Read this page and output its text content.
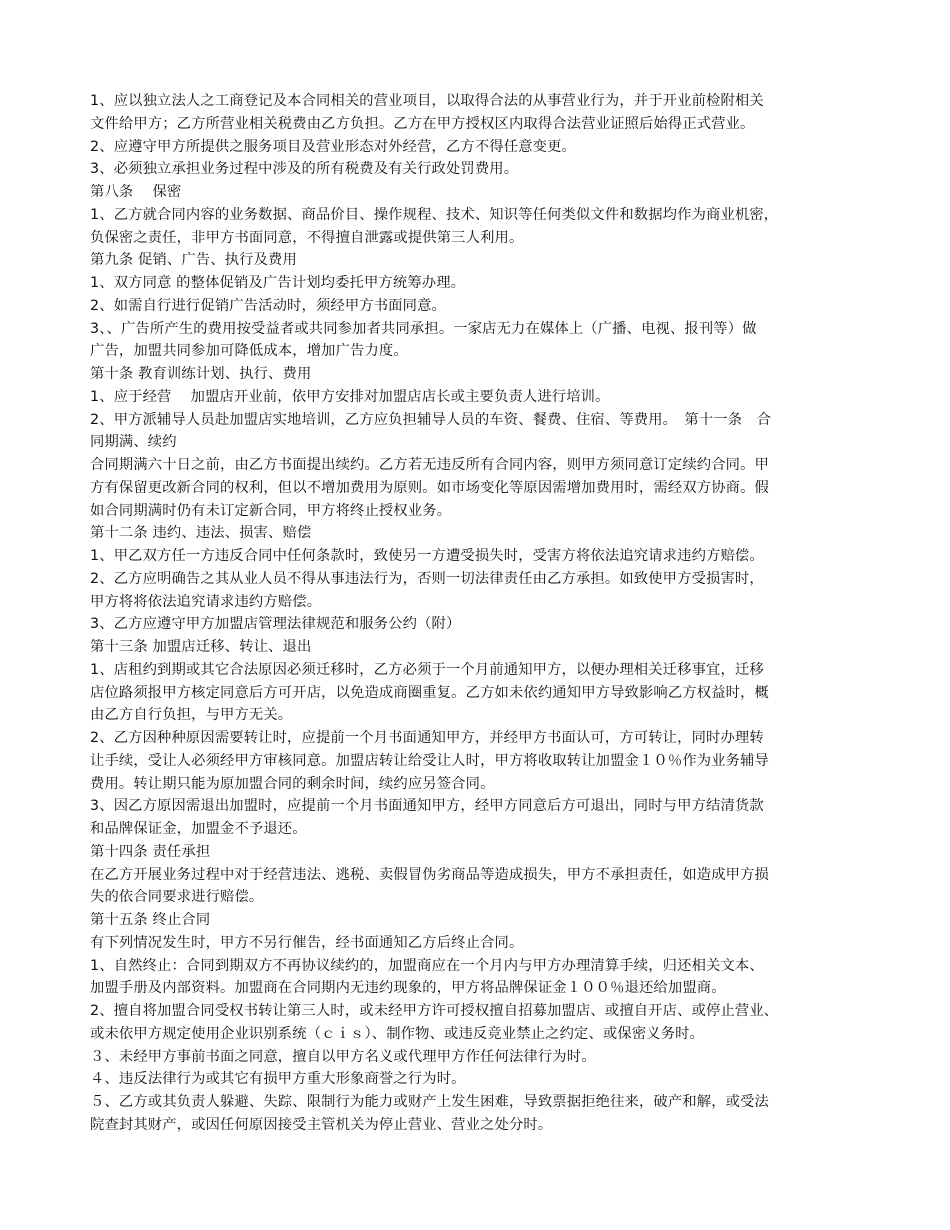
1、应以独立法人之工商登记及本合同相关的营业项目，以取得合法的从事营业行为，并于开业前检附相关
文件给甲方；乙方所营业相关税费由乙方负担。乙方在甲方授权区内取得合法营业证照后始得正式营业。
2、应遵守甲方所提供之服务项目及营业形态对外经营，乙方不得任意变更。
3、必须独立承担业务过程中涉及的所有税费及有关行政处罚费用。
第八条　 保密
1、乙方就合同内容的业务数据、商品价目、操作规程、技术、知识等任何类似文件和数据均作为商业机密，
负保密之责任，非甲方书面同意，不得擅自泄露或提供第三人利用。
第九条 促销、广告、执行及费用
1、双方同意 的整体促销及广告计划均委托甲方统筹办理。
2、如需自行进行促销广告活动时，须经甲方书面同意。
3、、广告所产生的费用按受益者或共同参加者共同承担。一家店无力在媒体上（广播、电视、报刊等）做
广告，加盟共同参加可降低成本，增加广告力度。
第十条 教育训练计划、执行、费用
1、应于经营　 加盟店开业前，依甲方安排对加盟店店长或主要负责人进行培训。
2、甲方派辅导人员赴加盟店实地培训，乙方应负担辅导人员的车资、餐费、住宿、等费用。　第十一条　合
同期满、续约
合同期满六十日之前，由乙方书面提出续约。乙方若无违反所有合同内容，则甲方须同意订定续约合同。甲
方有保留更改新合同的权利，但以不增加费用为原则。如市场变化等原因需增加费用时，需经双方协商。假
如合同期满时仍有未订定新合同，甲方将终止授权业务。
第十二条 违约、违法、损害、赔偿
1、甲乙双方任一方违反合同中任何条款时，致使另一方遭受损失时，受害方将依法追究请求违约方赔偿。
2、乙方应明确告之其从业人员不得从事违法行为，否则一切法律责任由乙方承担。如致使甲方受损害时，
甲方将将依法追究请求违约方赔偿。
3、乙方应遵守甲方加盟店管理法律规范和服务公约（附）
第十三条 加盟店迁移、转让、退出
1、店租约到期或其它合法原因必须迁移时，乙方必须于一个月前通知甲方，以便办理相关迁移事宜，迁移
店位路须报甲方核定同意后方可开店，以免造成商圈重复。乙方如未依约通知甲方导致影响乙方权益时，概
由乙方自行负担，与甲方无关。
2、乙方因种种原因需要转让时，应提前一个月书面通知甲方，并经甲方书面认可，方可转让，同时办理转
让手续，受让人必须经甲方审核同意。加盟店转让给受让人时，甲方将收取转让加盟金１０％作为业务辅导
费用。转让期只能为原加盟合同的剩余时间，续约应另签合同。
3、因乙方原因需退出加盟时，应提前一个月书面通知甲方，经甲方同意后方可退出，同时与甲方结清货款
和品牌保证金，加盟金不予退还。
第十四条 责任承担
在乙方开展业务过程中对于经营违法、逃税、卖假冒伪劣商品等造成损失，甲方不承担责任，如造成甲方损
失的依合同要求进行赔偿。
第十五条 终止合同
有下列情况发生时，甲方不另行催告，经书面通知乙方后终止合同。
1、自然终止：合同到期双方不再协议续约的，加盟商应在一个月内与甲方办理清算手续，归还相关文本、
加盟手册及内部资料。加盟商在合同期内无违约现象的，甲方将品牌保证金１００％退还给加盟商。
2、擅自将加盟合同受权书转让第三人时，或未经甲方许可授权擅自招募加盟店、或擅自开店、或停止营业、
或未依甲方规定使用企业识别系统（ｃｉｓ）、制作物、或违反竞业禁止之约定、或保密义务时。
３、未经甲方事前书面之同意，擅自以甲方名义或代理甲方作任何法律行为时。
４、违反法律行为或其它有损甲方重大形象商誉之行为时。
５、乙方或其负责人躲避、失踪、限制行为能力或财产上发生困难，导致票据拒绝往来，破产和解，或受法
院查封其财产，或因任何原因接受主管机关为停止营业、营业之处分时。
